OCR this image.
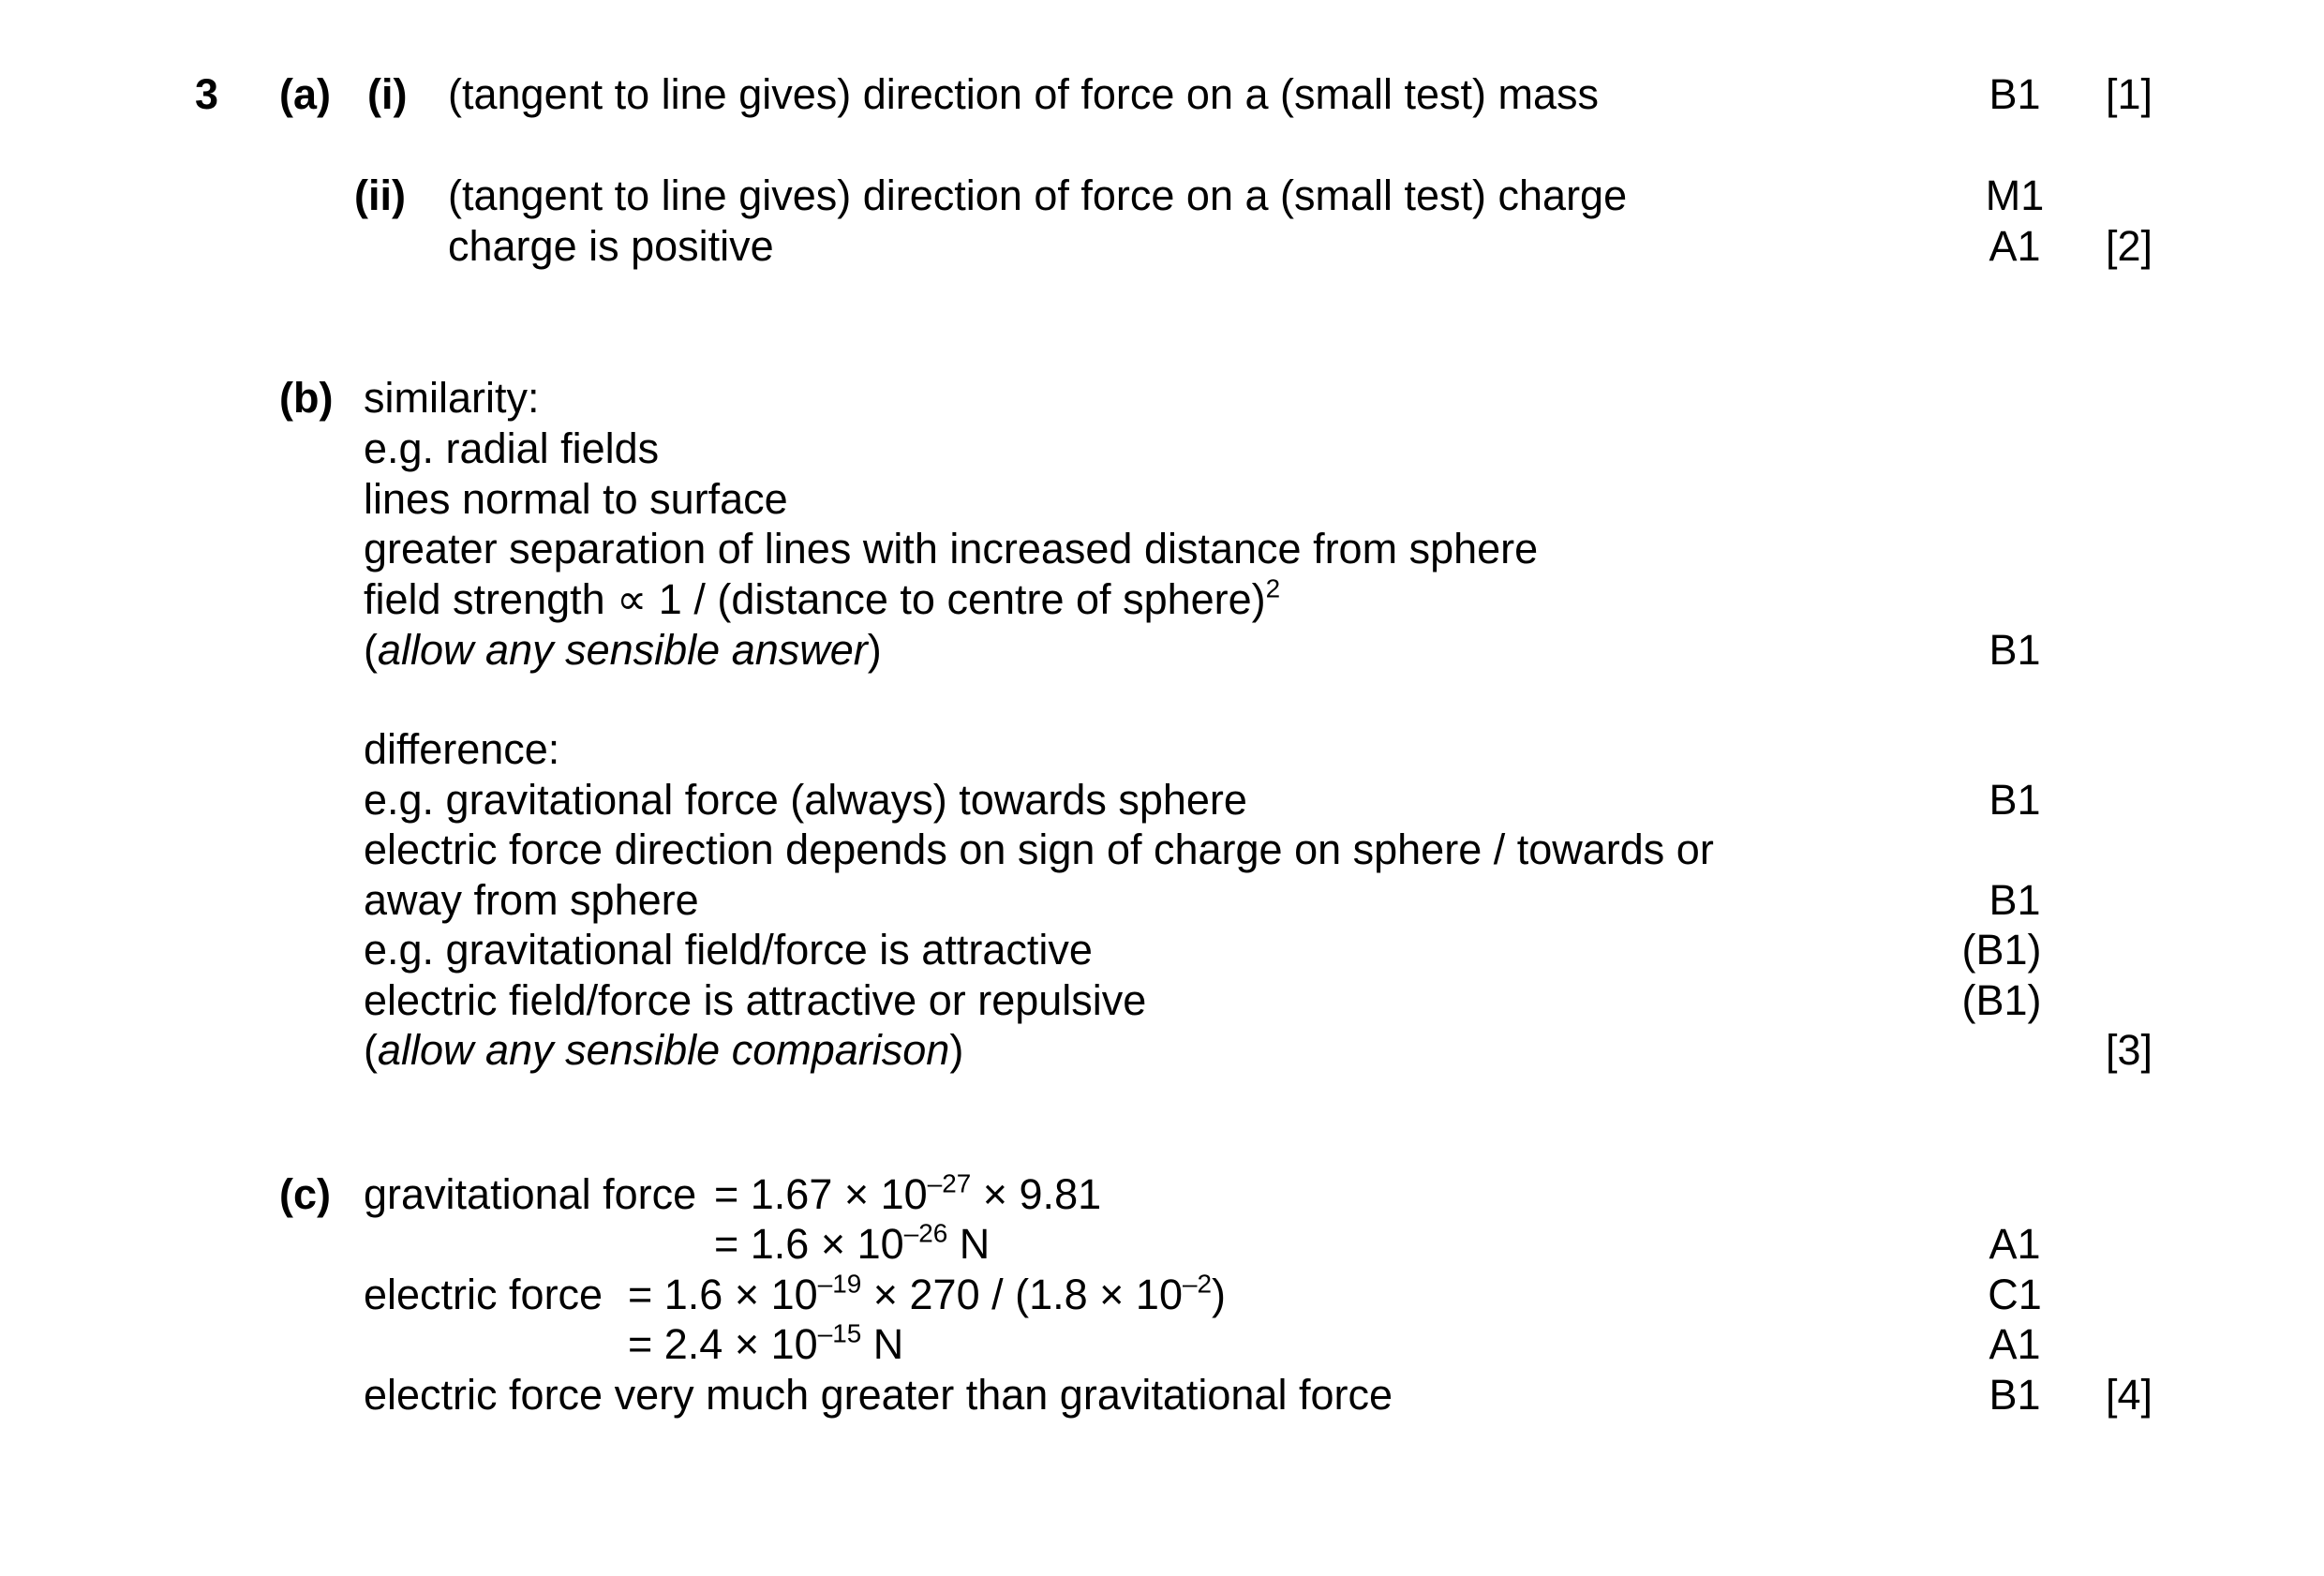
3 (a) (i) (tangent to line gives) direction of force on a (small test) mass	B1 [1]
(ii) (tangent to line gives) direction of force on a (small test) charge	M1
charge is positive	A1 [2]
(b) similarity:
e.g. radial fields
lines normal to surface
greater separation of lines with increased distance from sphere
field strength ∝ 1 / (distance to centre of sphere)$^2$
(allow any sensible answer)	B1
difference:
e.g. gravitational force (always) towards sphere	B1
electric force direction depends on sign of charge on sphere / towards or
away from sphere	B1
e.g. gravitational field/force is attractive	(B1)
electric field/force is attractive or repulsive	(B1)
(allow any sensible comparison)	[3]
(c) gravitational force = $1.67 \times 10^{-27} \times 9.81$
= $1.6 \times 10^{-26}$ N	A1
electric force = $1.6 \times 10^{-19} \times 270 / (1.8 \times 10^{-2})$	C1
= $2.4 \times 10^{-15}$ N	A1
electric force very much greater than gravitational force	B1 [4]
